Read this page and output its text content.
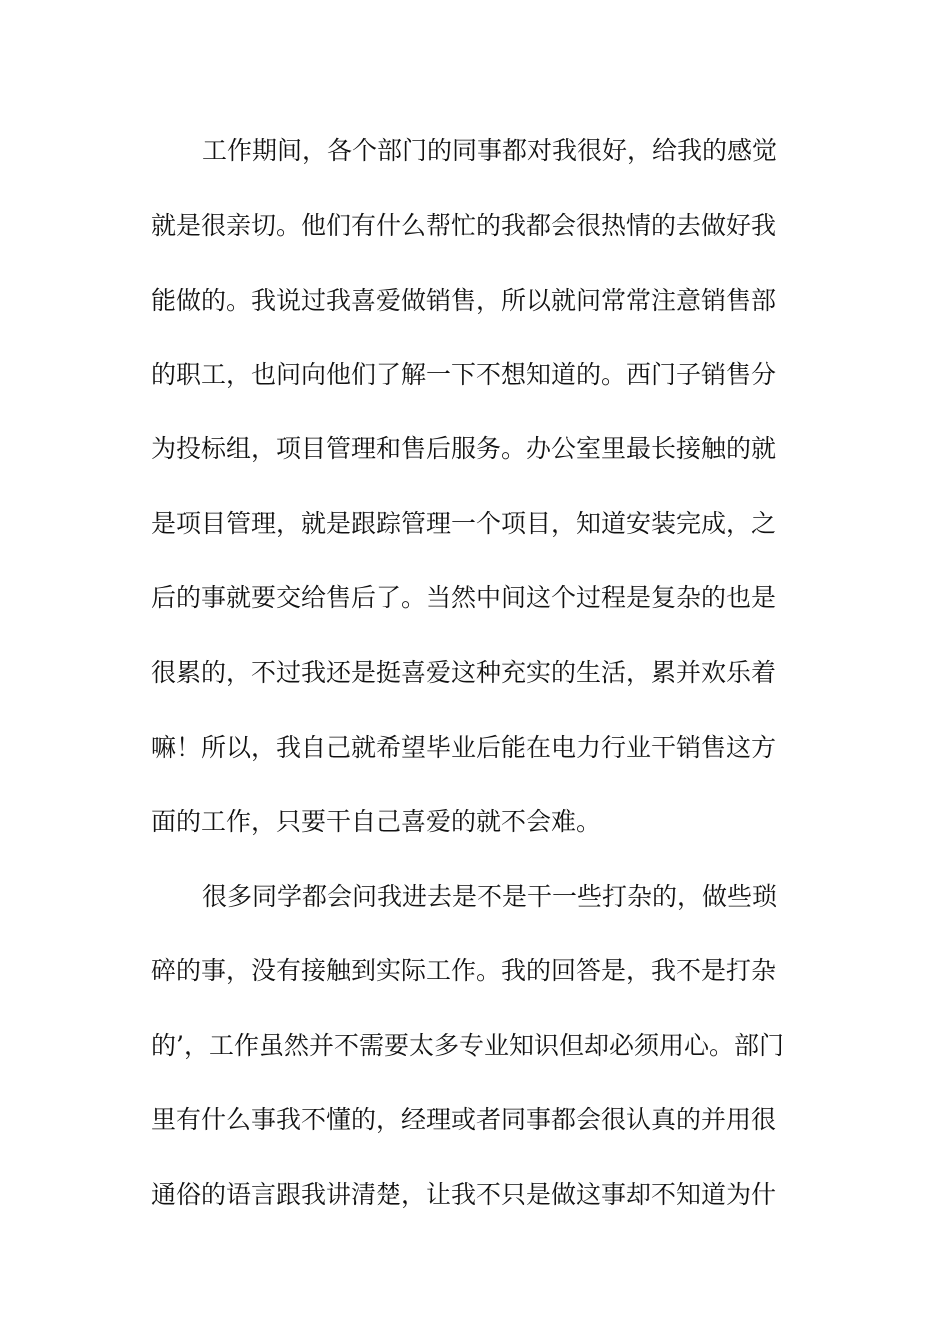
工作期间，各个部门的同事都对我很好，给我的感觉
就是很亲切。他们有什么帮忙的我都会很热情的去做好我
能做的。我说过我喜爱做销售，所以就问常常注意销售部
的职工，也问向他们了解一下不想知道的。西门子销售分
为投标组，项目管理和售后服务。办公室里最长接触的就
是项目管理，就是跟踪管理一个项目，知道安装完成，之
后的事就要交给售后了。当然中间这个过程是复杂的也是
很累的，不过我还是挺喜爱这种充实的生活，累并欢乐着
嘛！所以，我自己就希望毕业后能在电力行业干销售这方
面的工作，只要干自己喜爱的就不会难。
很多同学都会问我进去是不是干一些打杂的，做些琐
碎的事，没有接触到实际工作。我的回答是，我不是打杂
的’，工作虽然并不需要太多专业知识但却必须用心。部门
里有什么事我不懂的，经理或者同事都会很认真的并用很
通俗的语言跟我讲清楚，让我不只是做这事却不知道为什
